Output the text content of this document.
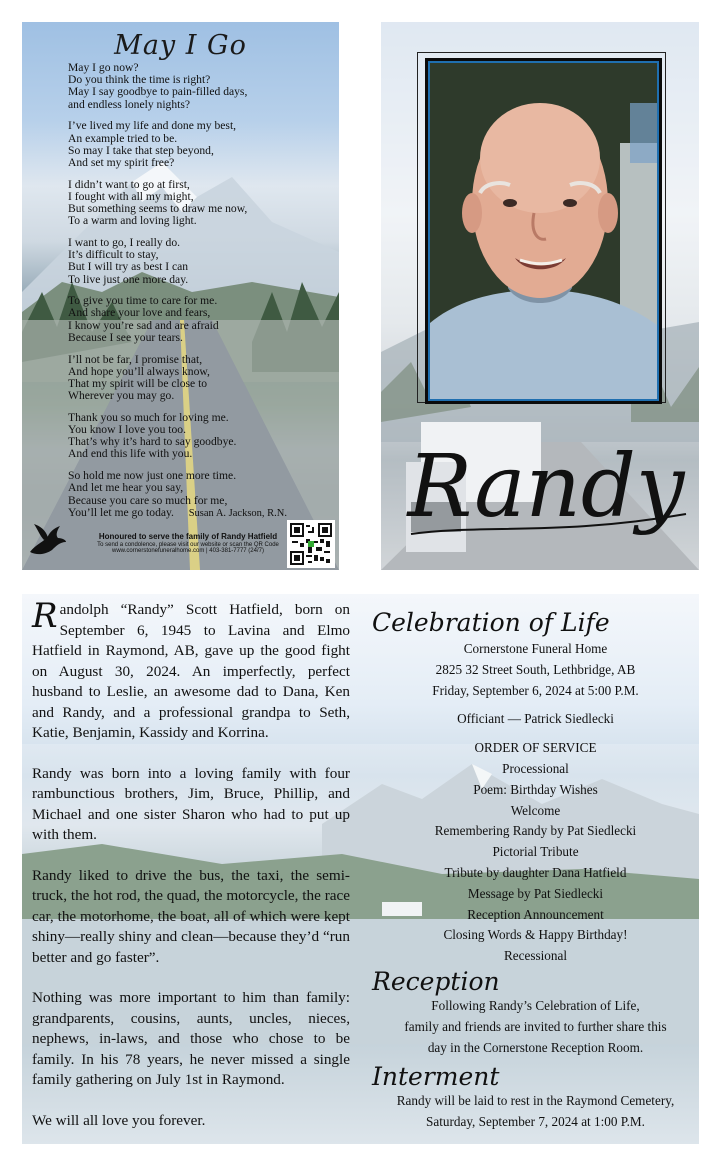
May I Go
May I go now?
Do you think the time is right?
May I say goodbye to pain-filled days,
and endless lonely nights?
I’ve lived my life and done my best,
An example tried to be.
So may I take that step beyond,
And set my spirit free?
I didn’t want to go at first,
I fought with all my might,
But something seems to draw me now,
To a warm and loving light.
I want to go, I really do.
It’s difficult to stay,
But I will try as best I can
To live just one more day.
To give you time to care for me.
And share your love and fears,
I know you’re sad and are afraid
Because I see your tears.
I’ll not be far, I promise that,
And hope you’ll always know,
That my spirit will be close to
Wherever you may go.
Thank you so much for loving me.
You know I love you too.
That’s why it’s hard to say goodbye.
And end this life with you.
So hold me now just one more time.
And let me hear you say,
Because you care so much for me,
You’ll let me go today.	Susan A. Jackson, R.N.
Honoured to serve the family of Randy Hatfield
To send a condolence, please visit our website or scan the QR Code
www.cornerstonefuneralhome.com | 403-381-7777 (24/7)
Randy

Randolph “Randy” Scott Hatfield, born on September 6, 1945 to Lavina and Elmo Hatfield in Raymond, AB, gave up the good fight on August 30, 2024. An imperfectly, perfect husband to Leslie, an awesome dad to Dana, Ken and Randy, and a professional grandpa to Seth, Katie, Benjamin, Kassidy and Korrina.

Randy was born into a loving family with four rambunctious brothers, Jim, Bruce, Phillip, and Michael and one sister Sharon who had to put up with them.

Randy liked to drive the bus, the taxi, the semi-truck, the hot rod, the quad, the motorcycle, the race car, the motorhome, the boat, all of which were kept shiny—really shiny and clean—because they’d “run better and go faster”.

Nothing was more important to him than family: grandparents, cousins, aunts, uncles, nieces, nephews, in-laws, and those who chose to be family. In his 78 years, he never missed a single family gathering on July 1st in Raymond.

We will all love you forever.

Celebration of Life
Cornerstone Funeral Home
2825 32 Street South, Lethbridge, AB
Friday, September 6, 2024 at 5:00 P.M.
Officiant — Patrick Siedlecki
ORDER OF SERVICE
Processional
Poem: Birthday Wishes
Welcome
Remembering Randy by Pat Siedlecki
Pictorial Tribute
Tribute by daughter Dana Hatfield
Message by Pat Siedlecki
Reception Announcement
Closing Words & Happy Birthday!
Recessional
Reception
Following Randy’s Celebration of Life,
family and friends are invited to further share this
day in the Cornerstone Reception Room.
Interment
Randy will be laid to rest in the Raymond Cemetery,
Saturday, September 7, 2024 at 1:00 P.M.
